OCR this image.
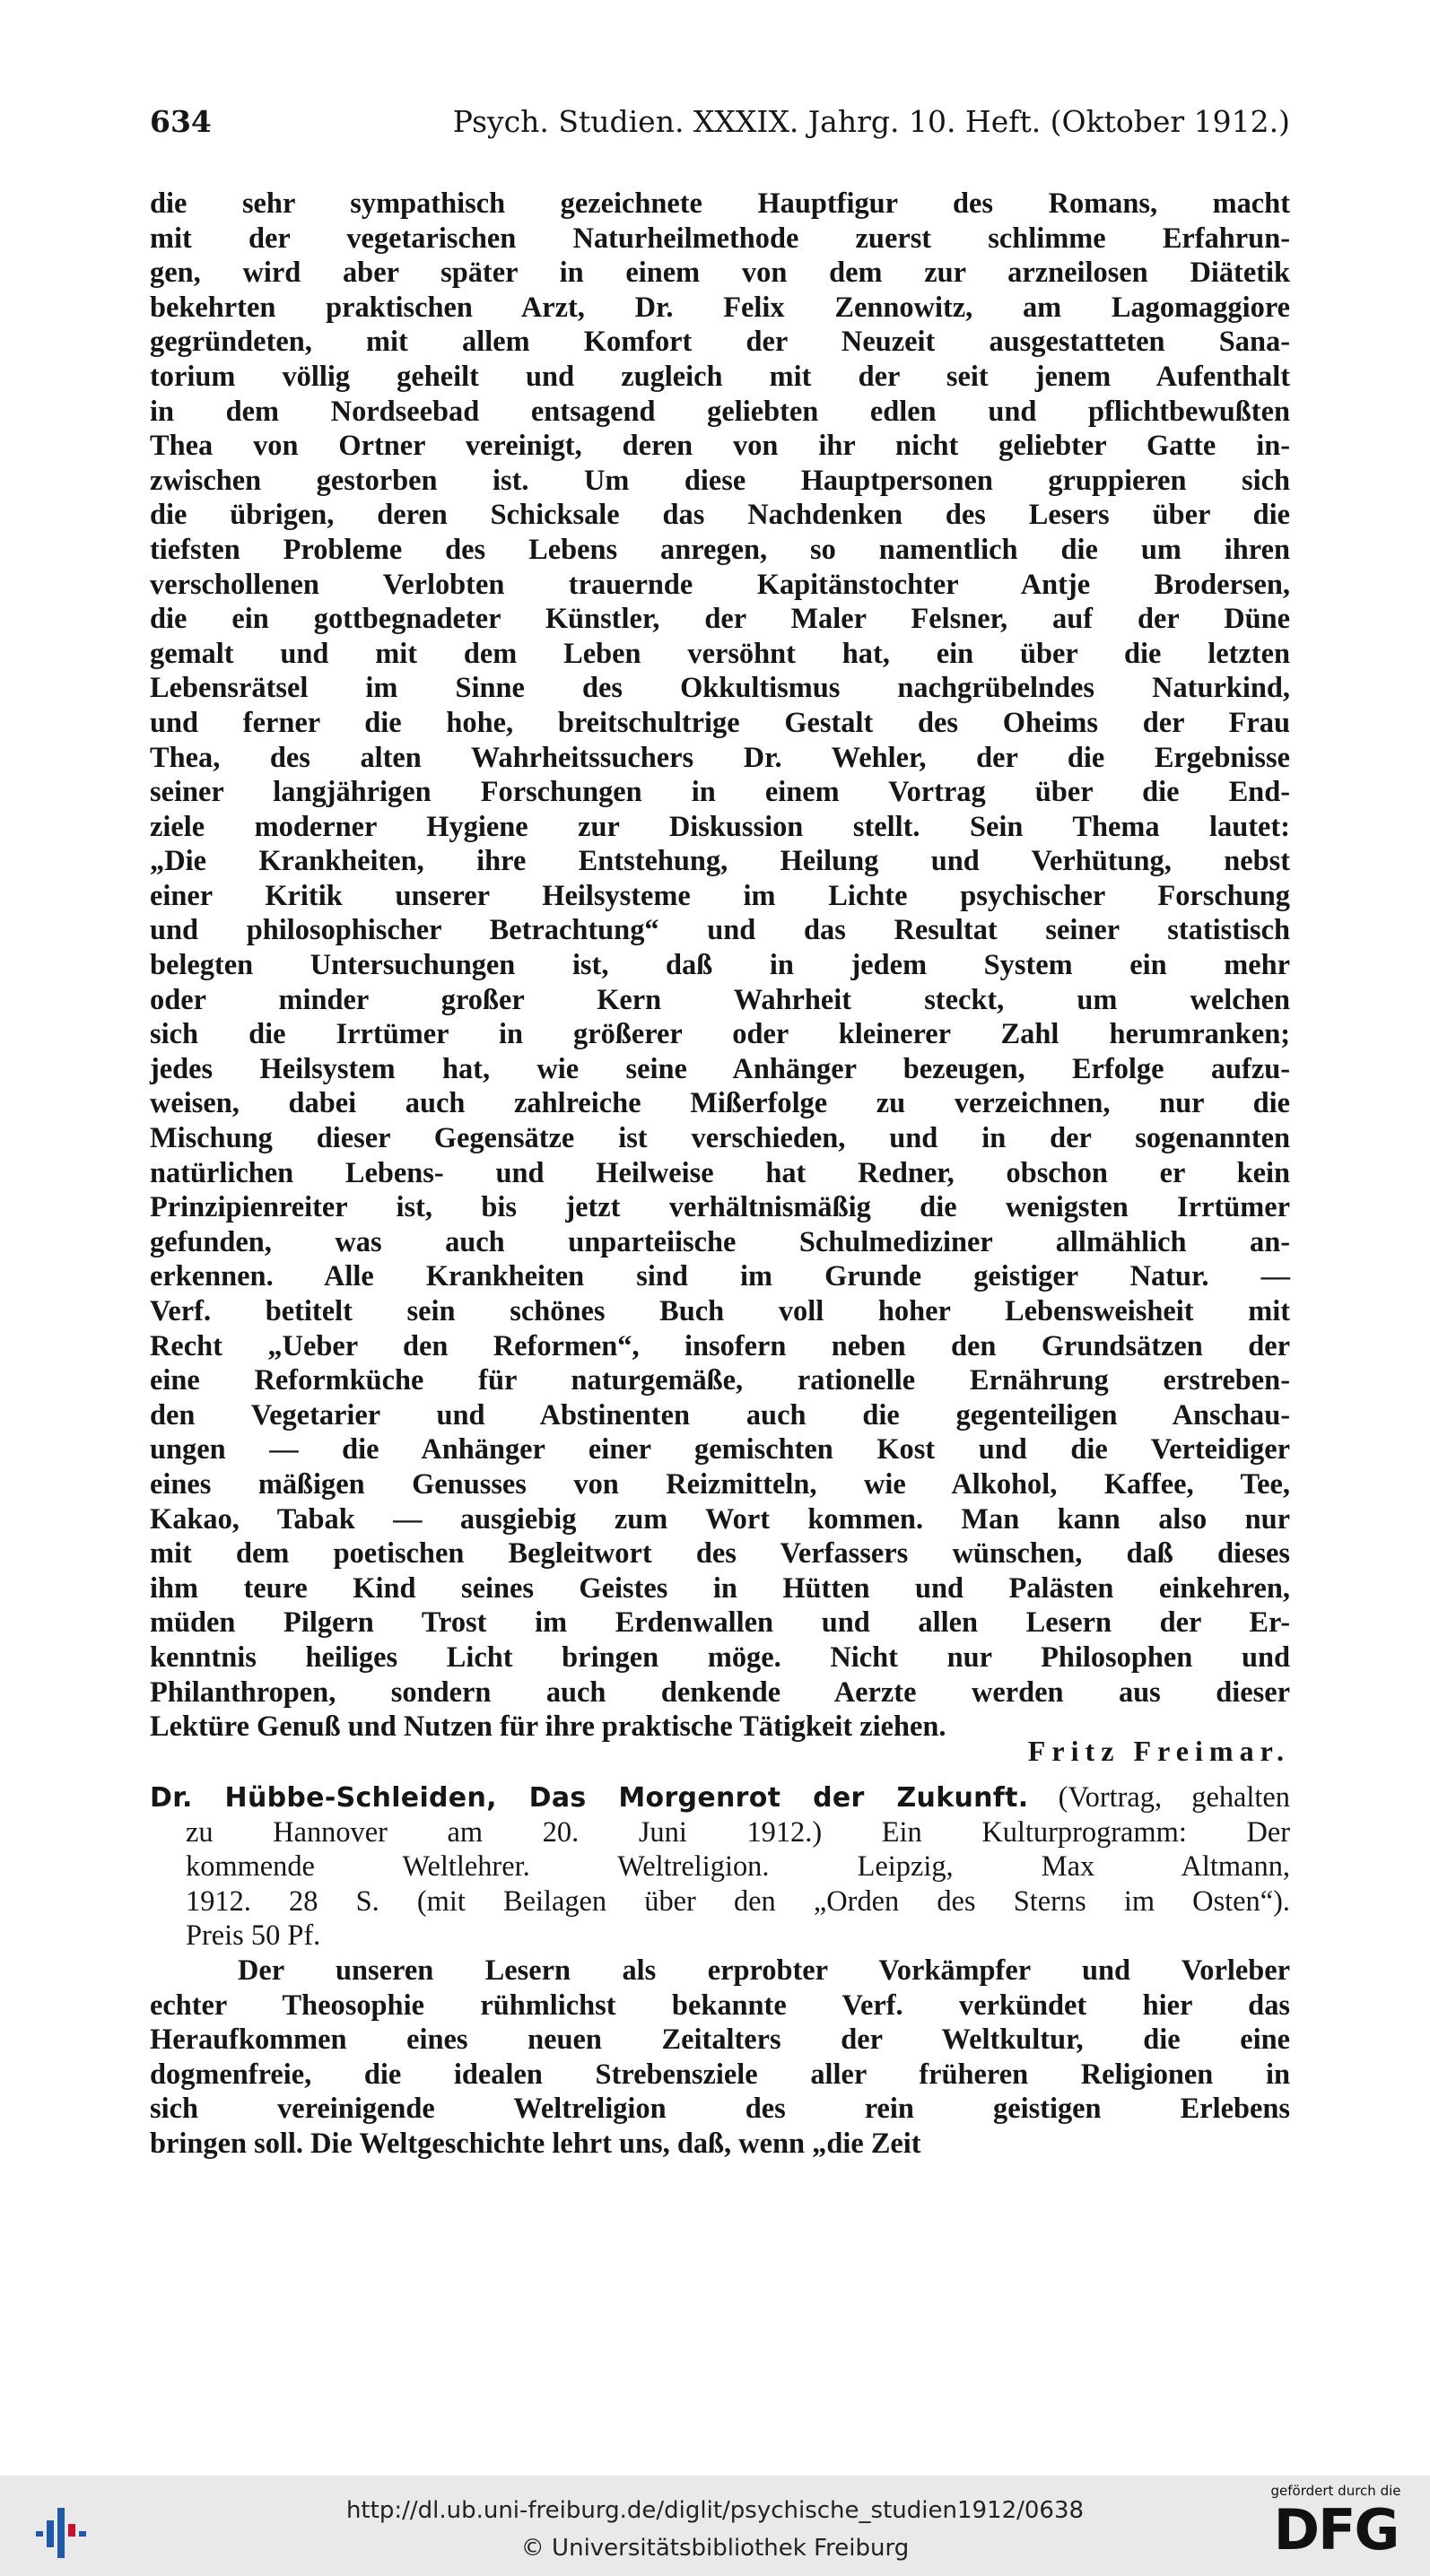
634	Psych. Studien. XXXIX. Jahrg. 10. Heft. (Oktober 1912.)
die sehr sympathisch gezeichnete Hauptfigur des Romans, macht
mit der vegetarischen Naturheilmethode zuerst schlimme Erfahrun-
gen, wird aber später in einem von dem zur arzneilosen Diätetik
bekehrten praktischen Arzt, Dr. Felix Zennowitz, am Lagomaggiore
gegründeten, mit allem Komfort der Neuzeit ausgestatteten Sana-
torium völlig geheilt und zugleich mit der seit jenem Aufenthalt
in dem Nordseebad entsagend geliebten edlen und pflichtbewußten
Thea von Ortner vereinigt, deren von ihr nicht geliebter Gatte in-
zwischen gestorben ist. Um diese Hauptpersonen gruppieren sich
die übrigen, deren Schicksale das Nachdenken des Lesers über die
tiefsten Probleme des Lebens anregen, so namentlich die um ihren
verschollenen Verlobten trauernde Kapitänstochter Antje Brodersen,
die ein gottbegnadeter Künstler, der Maler Felsner, auf der Düne
gemalt und mit dem Leben versöhnt hat, ein über die letzten
Lebensrätsel im Sinne des Okkultismus nachgrübelndes Naturkind,
und ferner die hohe, breitschultrige Gestalt des Oheims der Frau
Thea, des alten Wahrheitssuchers Dr. Wehler, der die Ergebnisse
seiner langjährigen Forschungen in einem Vortrag über die End-
ziele moderner Hygiene zur Diskussion stellt. Sein Thema lautet:
„Die Krankheiten, ihre Entstehung, Heilung und Verhütung, nebst
einer Kritik unserer Heilsysteme im Lichte psychischer Forschung
und philosophischer Betrachtung“ und das Resultat seiner statistisch
belegten Untersuchungen ist, daß in jedem System ein mehr
oder minder großer Kern Wahrheit steckt, um welchen
sich die Irrtümer in größerer oder kleinerer Zahl herumranken;
jedes Heilsystem hat, wie seine Anhänger bezeugen, Erfolge aufzu-
weisen, dabei auch zahlreiche Mißerfolge zu verzeichnen, nur die
Mischung dieser Gegensätze ist verschieden, und in der sogenannten
natürlichen Lebens- und Heilweise hat Redner, obschon er kein
Prinzipienreiter ist, bis jetzt verhältnismäßig die wenigsten Irrtümer
gefunden, was auch unparteiische Schulmediziner allmählich an-
erkennen. Alle Krankheiten sind im Grunde geistiger Natur. —
Verf. betitelt sein schönes Buch voll hoher Lebensweisheit mit
Recht „Ueber den Reformen“, insofern neben den Grundsätzen der
eine Reformküche für naturgemäße, rationelle Ernährung erstreben-
den Vegetarier und Abstinenten auch die gegenteiligen Anschau-
ungen — die Anhänger einer gemischten Kost und die Verteidiger
eines mäßigen Genusses von Reizmitteln, wie Alkohol, Kaffee, Tee,
Kakao, Tabak — ausgiebig zum Wort kommen. Man kann also nur
mit dem poetischen Begleitwort des Verfassers wünschen, daß dieses
ihm teure Kind seines Geistes in Hütten und Palästen einkehren,
müden Pilgern Trost im Erdenwallen und allen Lesern der Er-
kenntnis heiliges Licht bringen möge. Nicht nur Philosophen und
Philanthropen, sondern auch denkende Aerzte werden aus dieser
Lektüre Genuß und Nutzen für ihre praktische Tätigkeit ziehen.
Fritz Freimar.
Dr. Hübbe-Schleiden, Das Morgenrot der Zukunft. (Vortrag, gehalten
zu Hannover am 20. Juni 1912.) Ein Kulturprogramm: Der
kommende Weltlehrer. Weltreligion. Leipzig, Max Altmann,
1912. 28 S. (mit Beilagen über den „Orden des Sterns im Osten“).
Preis 50 Pf.
Der unseren Lesern als erprobter Vorkämpfer und Vorleber
echter Theosophie rühmlichst bekannte Verf. verkündet hier das
Heraufkommen eines neuen Zeitalters der Weltkultur, die eine
dogmenfreie, die idealen Strebensziele aller früheren Religionen in
sich vereinigende Weltreligion des rein geistigen Erlebens
bringen soll. Die Weltgeschichte lehrt uns, daß, wenn „die Zeit
http://dl.ub.uni-freiburg.de/diglit/psychische_studien1912/0638
© Universitätsbibliothek Freiburg
gefördert durch die
DFG
